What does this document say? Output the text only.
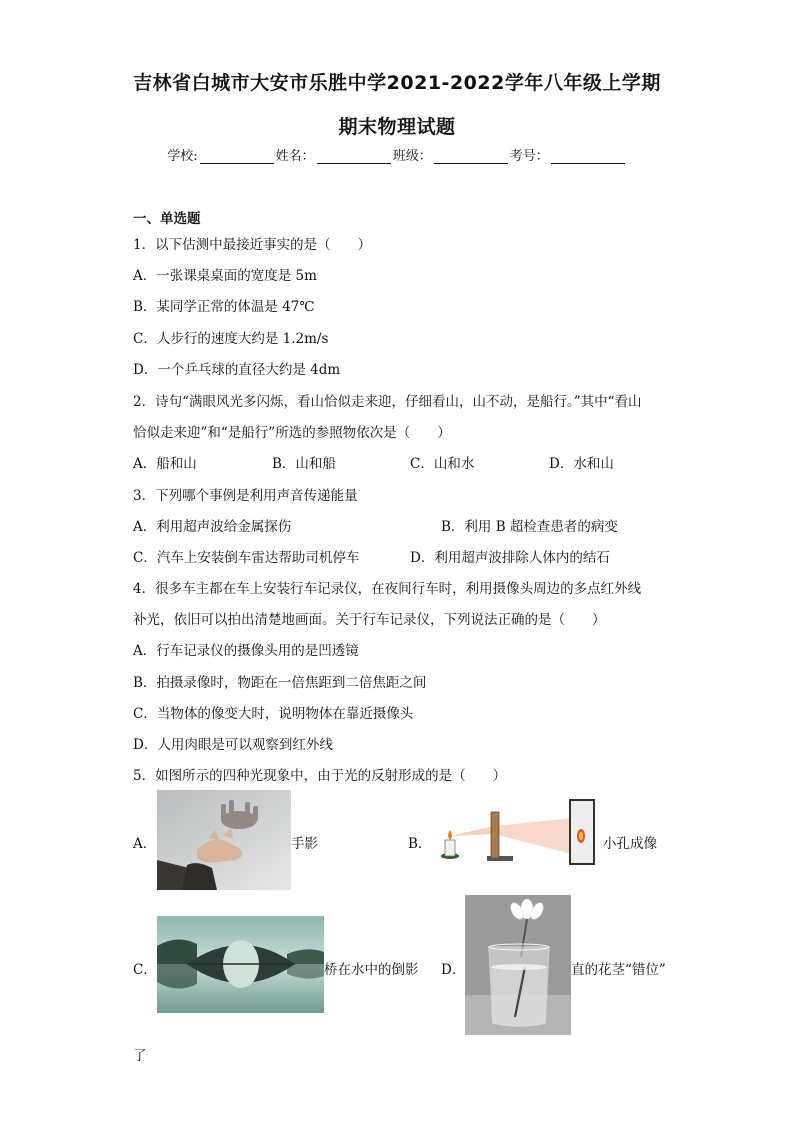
吉林省白城市大安市乐胜中学2021-2022学年八年级上学期
期末物理试题
学校:	姓名：	班级：	考号：
一、单选题
1．以下估测中最接近事实的是（　　）
A．一张课桌桌面的宽度是 5m
B．某同学正常的体温是 47℃
C．人步行的速度大约是 1.2m/s
D．一个乒乓球的直径大约是 4dm
2．诗句“满眼风光多闪烁，看山恰似走来迎，仔细看山，山不动，是船行。”其中“看山
恰似走来迎”和“是船行”所选的参照物依次是（　　）
A．船和山	B．山和船	C．山和水	D．水和山
3．下列哪个事例是利用声音传递能量
A．利用超声波给金属探伤	B．利用 B 超检查患者的病变
C．汽车上安装倒车雷达帮助司机停车	D．利用超声波排除人体内的结石
4．很多车主都在车上安装行车记录仪，在夜间行车时，利用摄像头周边的多点红外线
补光，依旧可以拍出清楚地画面。关于行车记录仪，下列说法正确的是（　　）
A．行车记录仪的摄像头用的是凹透镜
B．拍摄录像时，物距在一倍焦距到二倍焦距之间
C．当物体的像变大时，说明物体在靠近摄像头
D．人用肉眼是可以观察到红外线
5．如图所示的四种光现象中，由于光的反射形成的是（　　）
A．	手影	B．	小孔成像
C．	桥在水中的倒影 D．	直的花茎“错位”
了
